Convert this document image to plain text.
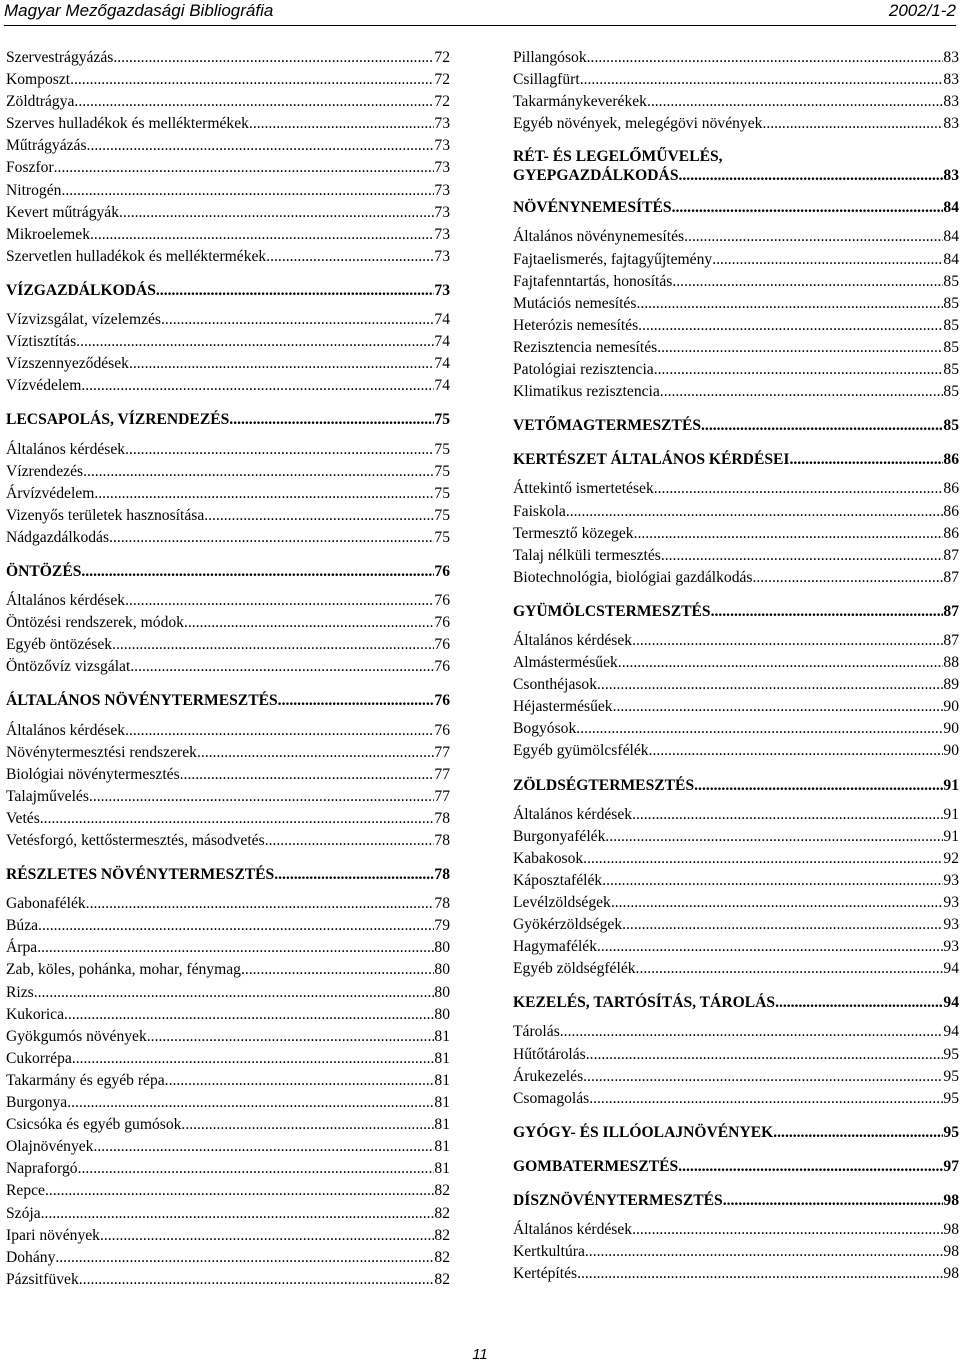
Magyar Mezőgazdasági Bibliográfia	2002/1-2
Szervestrágyázás .....	72
Komposzt .....	72
Zöldtrágya .....	72
Szerves hulladékok és melléktermékek .....	73
Műtrágyázás .....	73
Foszfor .....	73
Nitrogén .....	73
Kevert műtrágyák .....	73
Mikroelemek .....	73
Szervetlen hulladékok és melléktermékek .....	73
VÍZGAZDÁLKODÁS .....	73
Vízvizsgálat, vízelemzés .....	74
Víztisztítás .....	74
Vízszennyeződések .....	74
Vízvédelem .....	74
LECSAPOLÁS, VÍZRENDEZÉS .....	75
Általános kérdések .....	75
Vízrendezés .....	75
Árvízvédelem .....	75
Vizenyős területek hasznosítása .....	75
Nádgazdálkodás .....	75
ÖNTÖZÉS .....	76
Általános kérdések .....	76
Öntözési rendszerek, módok .....	76
Egyéb öntözések .....	76
Öntözővíz vizsgálat .....	76
ÁLTALÁNOS NÖVÉNYTERMESZTÉS .....	76
Általános kérdések .....	76
Növénytermesztési rendszerek .....	77
Biológiai növénytermesztés .....	77
Talajművelés .....	77
Vetés .....	78
Vetésforgó, kettőstermesztés, másodvetés .....	78
RÉSZLETES NÖVÉNYTERMESZTÉS .....	78
Gabonafélék .....	78
Búza .....	79
Árpa .....	80
Zab, köles, pohánka, mohar, fénymag .....	80
Rizs .....	80
Kukorica .....	80
Gyökgumós növények .....	81
Cukorrépa .....	81
Takarmány és egyéb répa .....	81
Burgonya .....	81
Csicsóka és egyéb gumósok .....	81
Olajnövények .....	81
Napraforgó .....	81
Repce .....	82
Szója .....	82
Ipari növények .....	82
Dohány .....	82
Pázsitfüvek .....	82
Pillangósok .....	83
Csillagfürt .....	83
Takarmánykeverékek .....	83
Egyéb növények, melegégövi növények .....	83
RÉT- ÉS LEGELŐMŰVELÉS,
GYEPGAZDÁLKODÁS .....	83
NÖVÉNYNEMESÍTÉS .....	84
Általános növénynemesítés .....	84
Fajtaelismerés, fajtagyűjtemény .....	84
Fajtafenntartás, honosítás .....	85
Mutációs nemesítés .....	85
Heterózis nemesítés .....	85
Rezisztencia nemesítés .....	85
Patológiai rezisztencia .....	85
Klimatikus rezisztencia .....	85
VETŐMAGTERMESZTÉS .....	85
KERTÉSZET ÁLTALÁNOS KÉRDÉSEI .....	86
Áttekintő ismertetések .....	86
Faiskola .....	86
Termesztő közegek .....	86
Talaj nélküli termesztés .....	87
Biotechnológia, biológiai gazdálkodás .....	87
GYÜMÖLCSTERMESZTÉS .....	87
Általános kérdések .....	87
Almástermésűek .....	88
Csonthéjasok .....	89
Héjastermésűek .....	90
Bogyósok .....	90
Egyéb gyümölcsfélék .....	90
ZÖLDSÉGTERMESZTÉS .....	91
Általános kérdések .....	91
Burgonyafélék .....	91
Kabakosok .....	92
Káposztafélék .....	93
Levélzöldségek .....	93
Gyökérzöldségek .....	93
Hagymafélék .....	93
Egyéb zöldségfélék .....	94
KEZELÉS, TARTÓSÍTÁS, TÁROLÁS .....	94
Tárolás .....	94
Hűtőtárolás .....	95
Árukezelés .....	95
Csomagolás .....	95
GYÓGY- ÉS ILLÓOLAJNÖVÉNYEK .....	95
GOMBATERMESZTÉS .....	97
DÍSZNÖVÉNYTERMESZTÉS .....	98
Általános kérdések .....	98
Kertkultúra .....	98
Kertépítés .....	98
11
